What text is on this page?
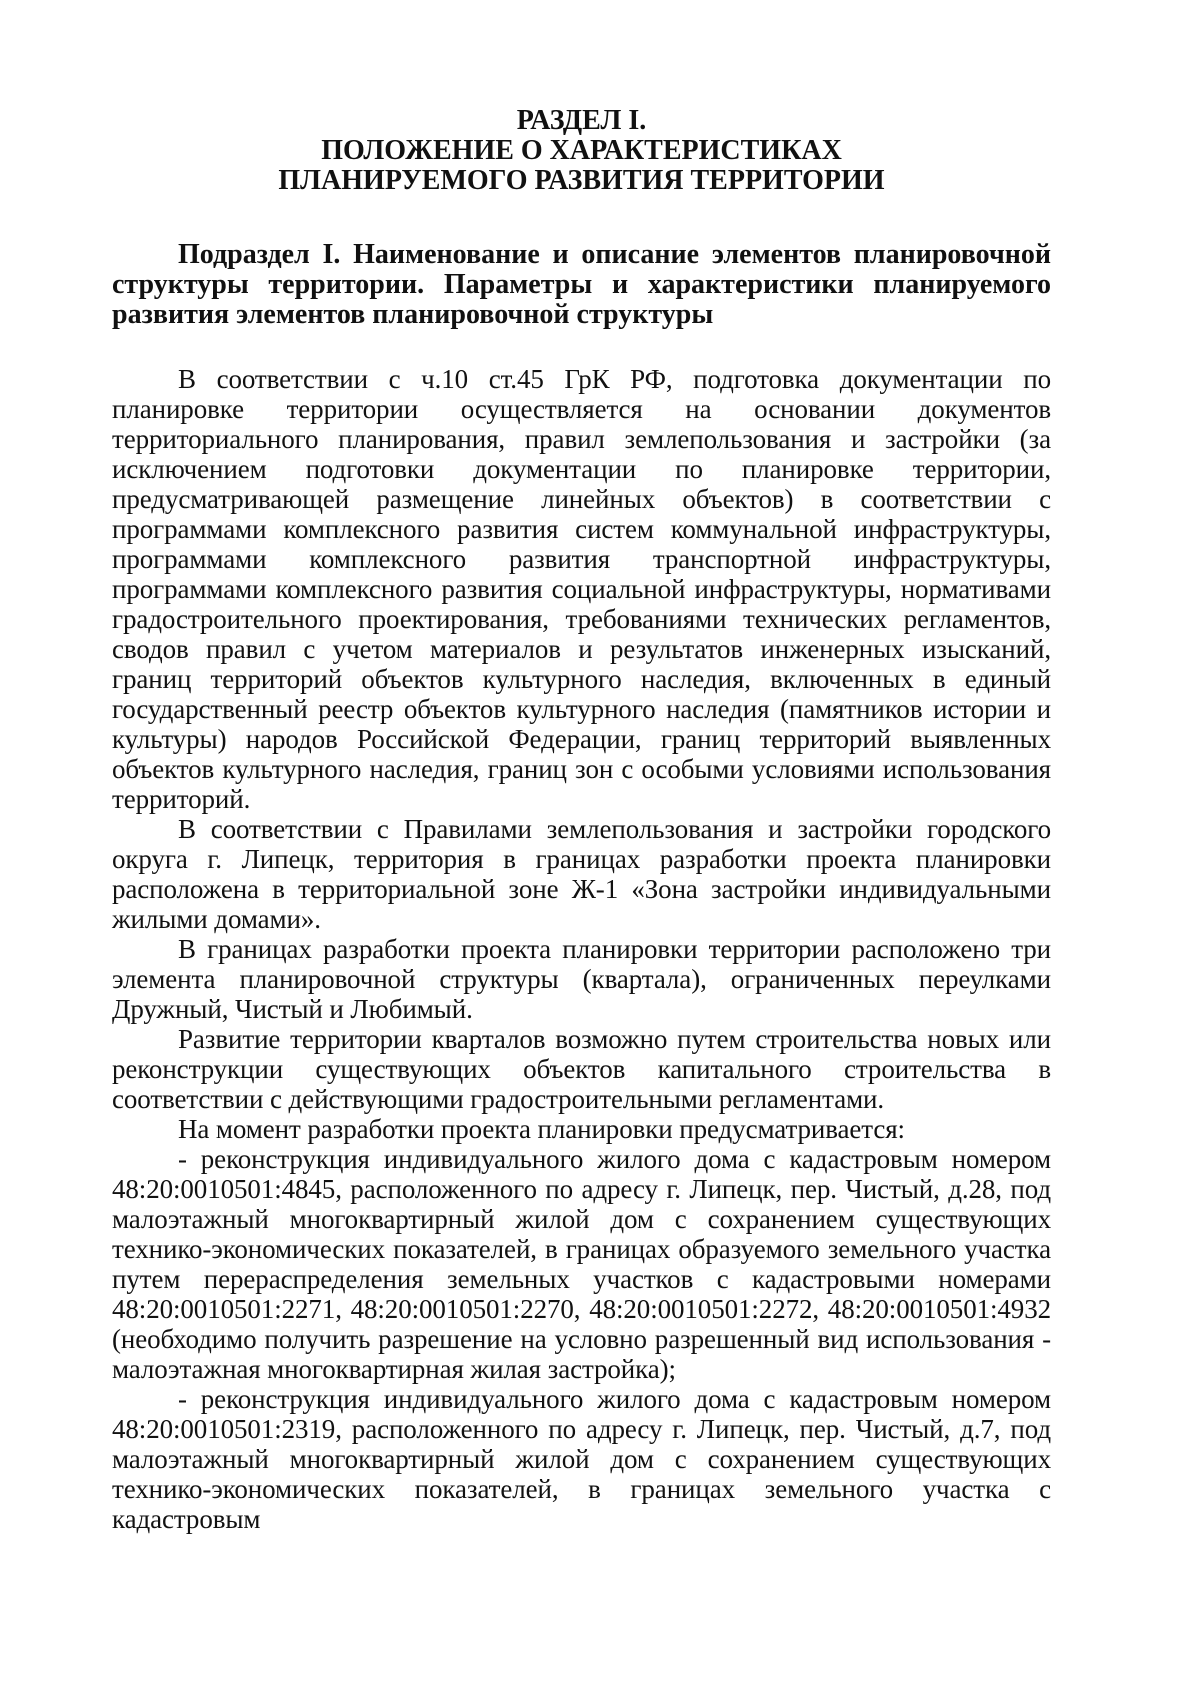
РАЗДЕЛ I.

ПОЛОЖЕНИЕ О ХАРАКТЕРИСТИКАХ

ПЛАНИРУЕМОГО РАЗВИТИЯ ТЕРРИТОРИИ

Подраздел I. Наименование и описание элементов планировочной структуры территории. Параметры и характеристики планируемого развития элементов планировочной структуры

В соответствии с ч.10 ст.45 ГрК РФ, подготовка документации по планировке территории осуществляется на основании документов территориального планирования, правил землепользования и застройки (за исключением подготовки документации по планировке территории, предусматривающей размещение линейных объектов) в соответствии с программами комплексного развития систем коммунальной инфраструктуры, программами комплексного развития транспортной инфраструктуры, программами комплексного развития социальной инфраструктуры, нормативами градостроительного проектирования, требованиями технических регламентов, сводов правил с учетом материалов и результатов инженерных изысканий, границ территорий объектов культурного наследия, включенных в единый государственный реестр объектов культурного наследия (памятников истории и культуры) народов Российской Федерации, границ территорий выявленных объектов культурного наследия, границ зон с особыми условиями использования территорий.

В соответствии с Правилами землепользования и застройки городского округа г. Липецк, территория в границах разработки проекта планировки расположена в территориальной зоне Ж-1 «Зона застройки индивидуальными жилыми домами».

В границах разработки проекта планировки территории расположено три элемента планировочной структуры (квартала), ограниченных переулками Дружный, Чистый и Любимый.

Развитие территории кварталов возможно путем строительства новых или реконструкции существующих объектов капитального строительства в соответствии с действующими градостроительными регламентами.

На момент разработки проекта планировки предусматривается:

- реконструкция индивидуального жилого дома с кадастровым номером 48:20:0010501:4845, расположенного по адресу г. Липецк, пер. Чистый, д.28, под малоэтажный многоквартирный жилой дом с сохранением существующих технико-экономических показателей, в границах образуемого земельного участка путем перераспределения земельных участков с кадастровыми номерами 48:20:0010501:2271, 48:20:0010501:2270, 48:20:0010501:2272, 48:20:0010501:4932 (необходимо получить разрешение на условно разрешенный вид использования - малоэтажная многоквартирная жилая застройка);

- реконструкция индивидуального жилого дома с кадастровым номером 48:20:0010501:2319, расположенного по адресу г. Липецк, пер. Чистый, д.7, под малоэтажный многоквартирный жилой дом с сохранением существующих технико-экономических показателей, в границах земельного участка с кадастровым
